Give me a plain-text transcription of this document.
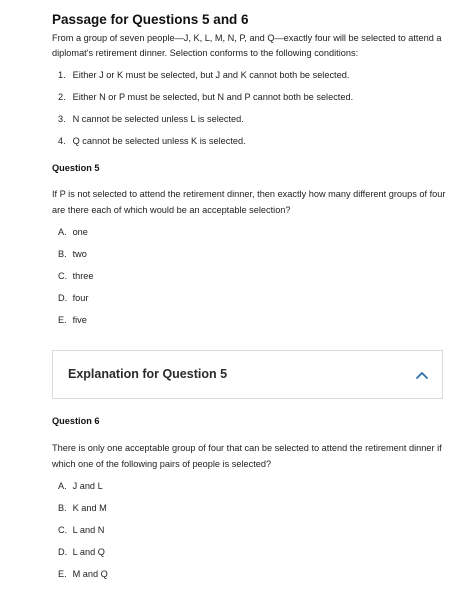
Passage for Questions 5 and 6
From a group of seven people—J, K, L, M, N, P, and Q—exactly four will be selected to attend a diplomat's retirement dinner. Selection conforms to the following conditions:
1. Either J or K must be selected, but J and K cannot both be selected.
2. Either N or P must be selected, but N and P cannot both be selected.
3. N cannot be selected unless L is selected.
4. Q cannot be selected unless K is selected.
Question 5
If P is not selected to attend the retirement dinner, then exactly how many different groups of four are there each of which would be an acceptable selection?
A. one
B. two
C. three
D. four
E. five
Explanation for Question 5
Question 6
There is only one acceptable group of four that can be selected to attend the retirement dinner if which one of the following pairs of people is selected?
A. J and L
B. K and M
C. L and N
D. L and Q
E. M and Q
